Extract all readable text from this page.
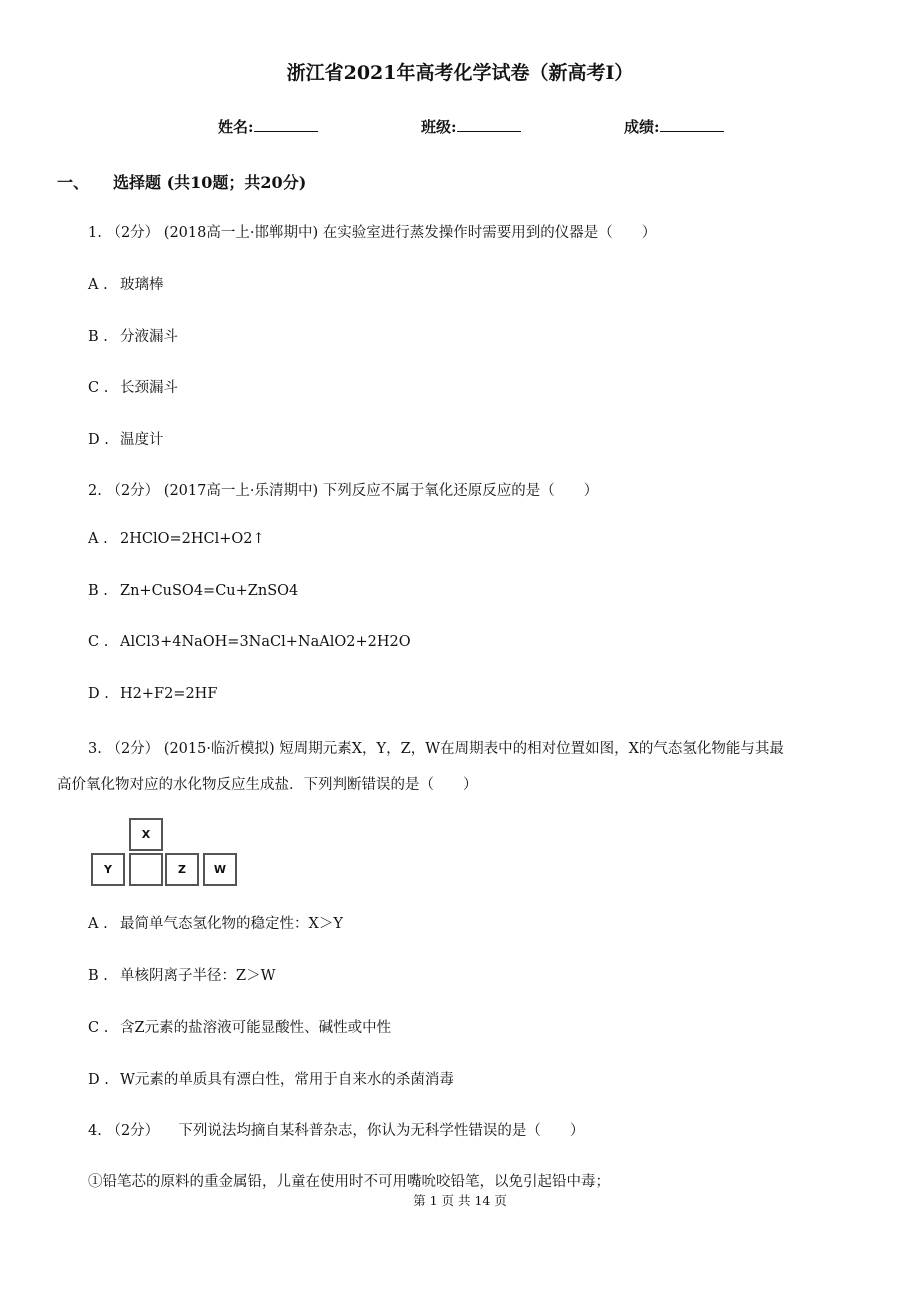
浙江省2021年高考化学试卷（新高考I）
姓名:	班级:	成绩:
一、 选择题 (共10题；共20分)
1. （2分） (2018高一上·邯郸期中) 在实验室进行蒸发操作时需要用到的仪器是（　　）
A . 玻璃棒
B . 分液漏斗
C . 长颈漏斗
D . 温度计
2. （2分） (2017高一上·乐清期中) 下列反应不属于氧化还原反应的是（　　）
A . 2HClO=2HCl+O2↑
B . Zn+CuSO4=Cu+ZnSO4
C . AlCl3+4NaOH=3NaCl+NaAlO2+2H2O
D . H2+F2=2HF
3. （2分） (2015·临沂模拟) 短周期元素X，Y，Z，W在周期表中的相对位置如图，X的气态氢化物能与其最
高价氧化物对应的水化物反应生成盐．下列判断错误的是（　　）
X
Y	Z	W
A . 最简单气态氢化物的稳定性：X＞Y
B . 单核阴离子半径：Z＞W
C . 含Z元素的盐溶液可能显酸性、碱性或中性
D . W元素的单质具有漂白性，常用于自来水的杀菌消毒
4. （2分） 下列说法均摘自某科普杂志，你认为无科学性错误的是（　　）
①铅笔芯的原料的重金属铅，儿童在使用时不可用嘴吮咬铅笔，以免引起铅中毒；
第 1 页 共 14 页
